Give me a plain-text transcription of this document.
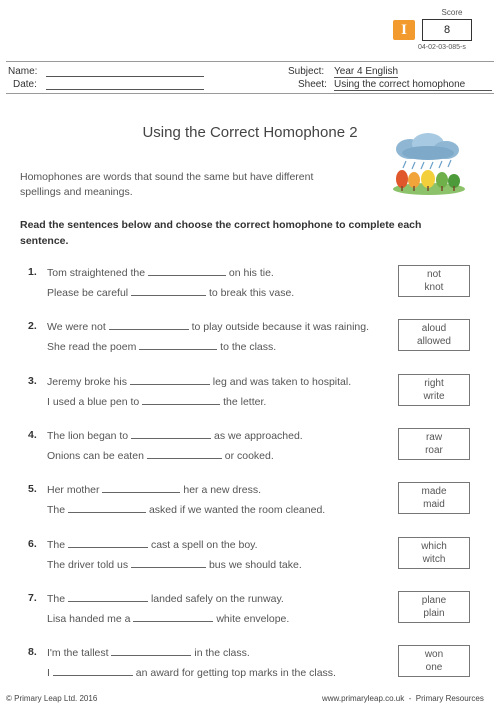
I
Score
8
04-02-03-085-s
Name:
Date:
Subject: Year 4 English
Sheet: Using the correct homophone
Using the Correct Homophone 2
Homophones are words that sound the same but have different spellings and meanings.
Read the sentences below and choose the correct homophone to complete each sentence.
1. Tom straightened the	on his tie.
Please be careful	to break this vase.
not
knot
2. We were not	to play outside because it was raining.
She read the poem	to the class.
aloud
allowed
3. Jeremy broke his	leg and was taken to hospital.
I used a blue pen to	the letter.
right
write
4. The lion began to	as we approached.
Onions can be eaten	or cooked.
raw
roar
5. Her mother	her a new dress.
The	asked if we wanted the room cleaned.
made
maid
6. The	cast a spell on the boy.
The driver told us	bus we should take.
which
witch
7. The	landed safely on the runway.
Lisa handed me a	white envelope.
plane
plain
8. I'm the tallest	in the class.
I	an award for getting top marks in the class.
won
one
© Primary Leap Ltd. 2016	www.primaryleap.co.uk  -  Primary Resources
